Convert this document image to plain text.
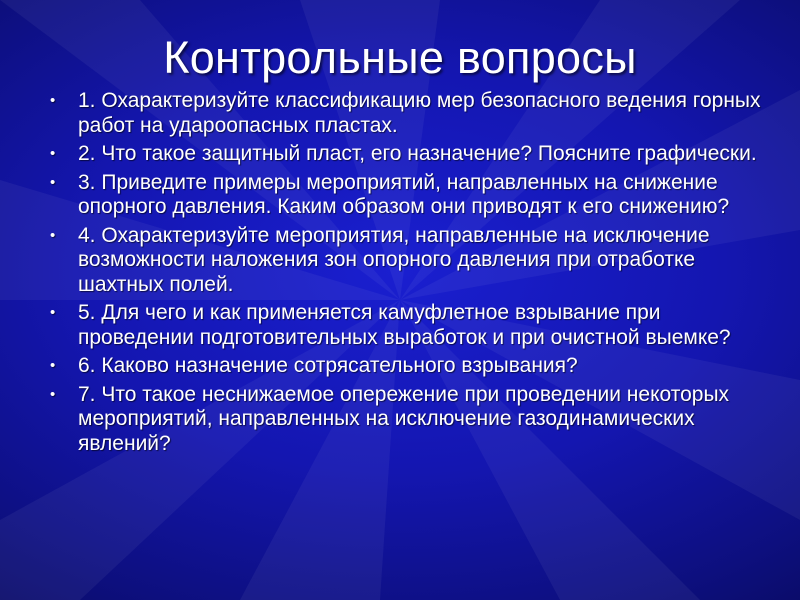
Контрольные вопросы
•	1. Охарактеризуйте классификацию мер безопасного ведения горных работ на удароопасных пластах.
•	2. Что такое защитный пласт, его назначение? Поясните графически.
•	3. Приведите примеры мероприятий, направленных на снижение опорного давления. Каким образом они приводят к его снижению?
•	4. Охарактеризуйте мероприятия, направленные на исключение возможности наложения зон опорного давления при отработке шахтных полей.
•	5. Для чего и как применяется камуфлетное взрывание при проведении подготовительных выработок и при очистной выемке?
•	6. Каково назначение сотрясательного взрывания?
•	7. Что такое неснижаемое опережение при проведении некоторых мероприятий, направленных на исключение газодинамических явлений?
